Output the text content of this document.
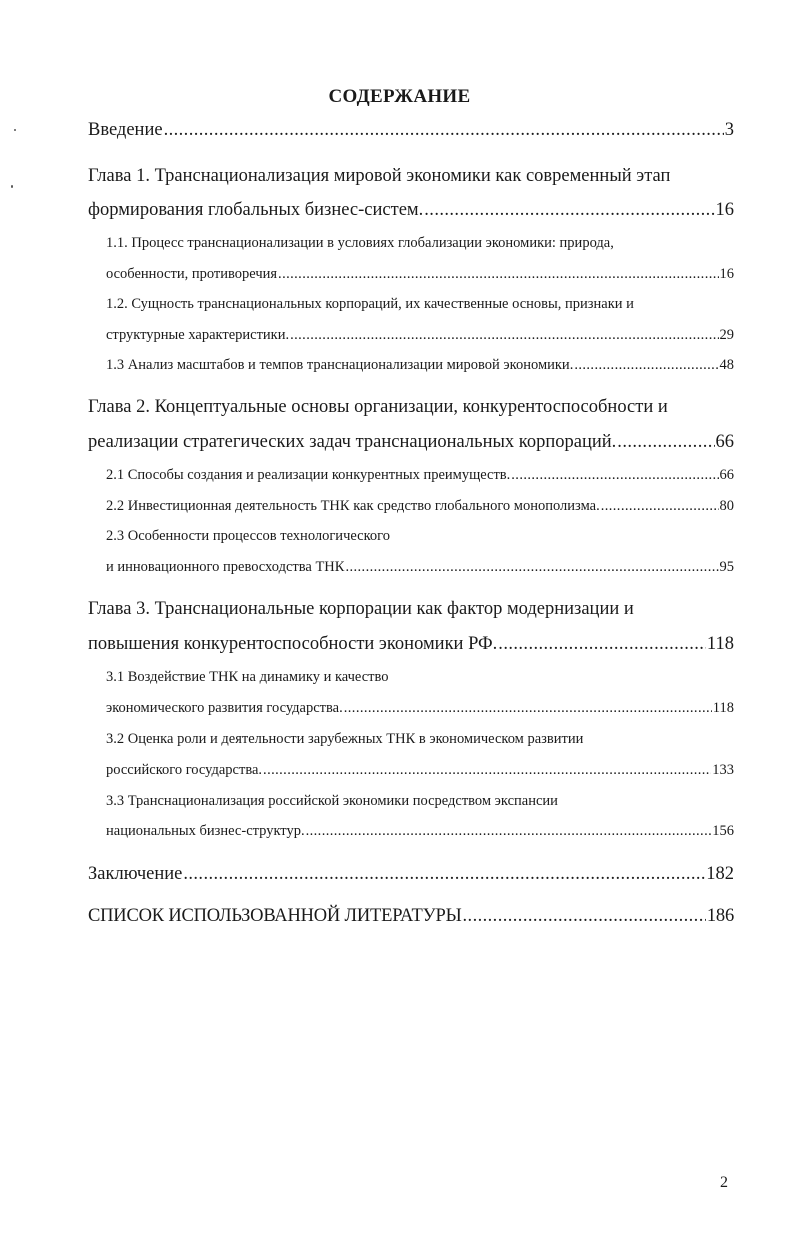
СОДЕРЖАНИЕ
Введение .....	3
Глава 1. Транснационализация мировой экономики как современный этап
формирования глобальных бизнес-систем. .....	16
1.1. Процесс транснационализации в условиях глобализации экономики: природа,
особенности, противоречия .....	16
1.2. Сущность транснациональных корпораций, их качественные основы, признаки и
структурные характеристики. .....	29
1.3 Анализ масштабов и темпов транснационализации мировой экономики. .....	48
Глава 2. Концептуальные основы организации, конкурентоспособности и
реализации стратегических задач транснациональных корпораций. .....	66
2.1 Способы создания и реализации конкурентных преимуществ. .....	66
2.2 Инвестиционная деятельность ТНК как средство глобального монополизма. .....	80
2.3 Особенности процессов технологического
и инновационного превосходства ТНК .....	95
Глава 3. Транснациональные корпорации как фактор модернизации и
повышения конкурентоспособности экономики РФ. .....	118
3.1 Воздействие ТНК на динамику и качество
экономического развития государства. .....	118
3.2 Оценка роли и деятельности зарубежных ТНК в экономическом развитии
российского государства. .....	133
3.3 Транснационализация российской экономики посредством экспансии
национальных бизнес-структур. .....	156
Заключение .....	182
СПИСОК ИСПОЛЬЗОВАННОЙ ЛИТЕРАТУРЫ .....	186
2
